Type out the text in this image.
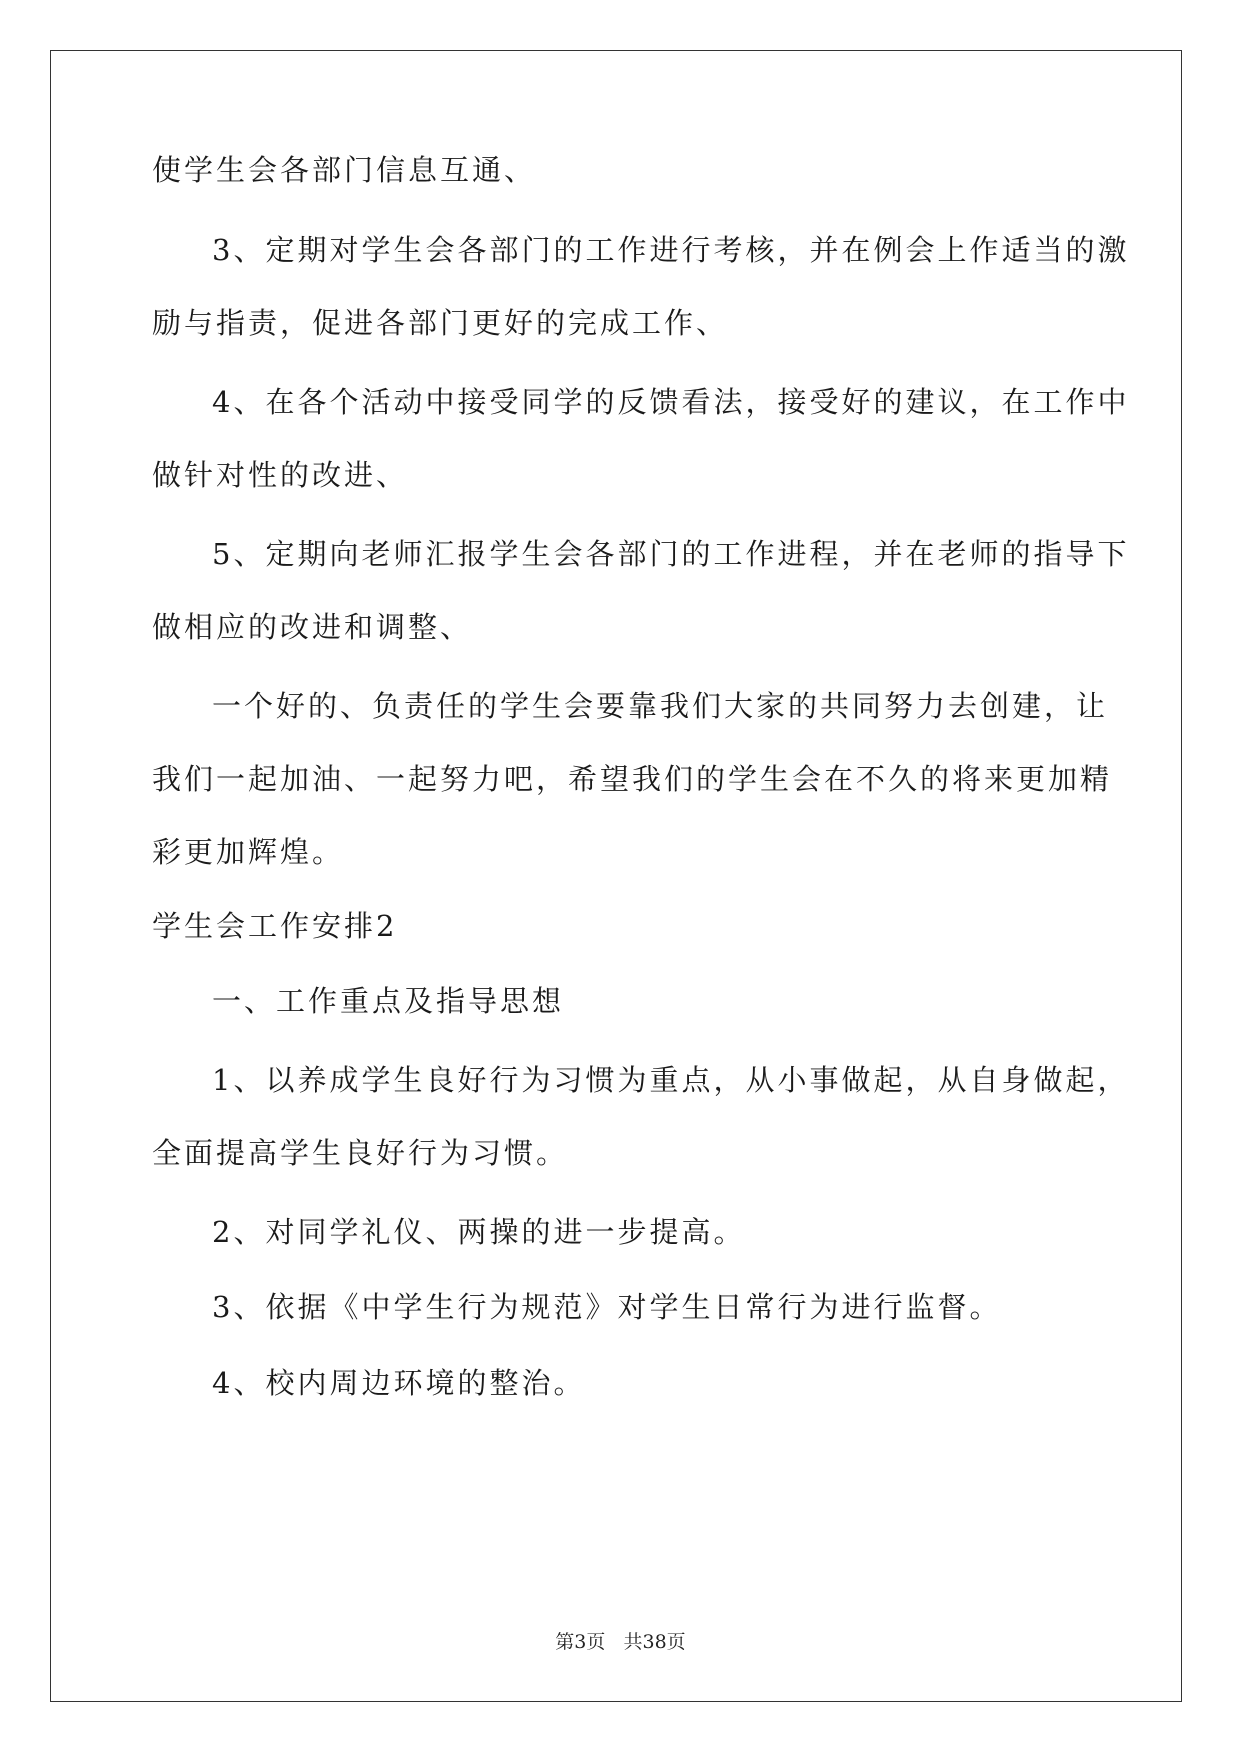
使学生会各部门信息互通、
3、定期对学生会各部门的工作进行考核，并在例会上作适当的激
励与指责，促进各部门更好的完成工作、
4、在各个活动中接受同学的反馈看法，接受好的建议，在工作中
做针对性的改进、
5、定期向老师汇报学生会各部门的工作进程，并在老师的指导下
做相应的改进和调整、
一个好的、负责任的学生会要靠我们大家的共同努力去创建，让
我们一起加油、一起努力吧，希望我们的学生会在不久的将来更加精
彩更加辉煌。
学生会工作安排2
一、工作重点及指导思想
1、以养成学生良好行为习惯为重点，从小事做起，从自身做起，
全面提高学生良好行为习惯。
2、对同学礼仪、两操的进一步提高。
3、依据《中学生行为规范》对学生日常行为进行监督。
4、校内周边环境的整治。
第3页   共38页
